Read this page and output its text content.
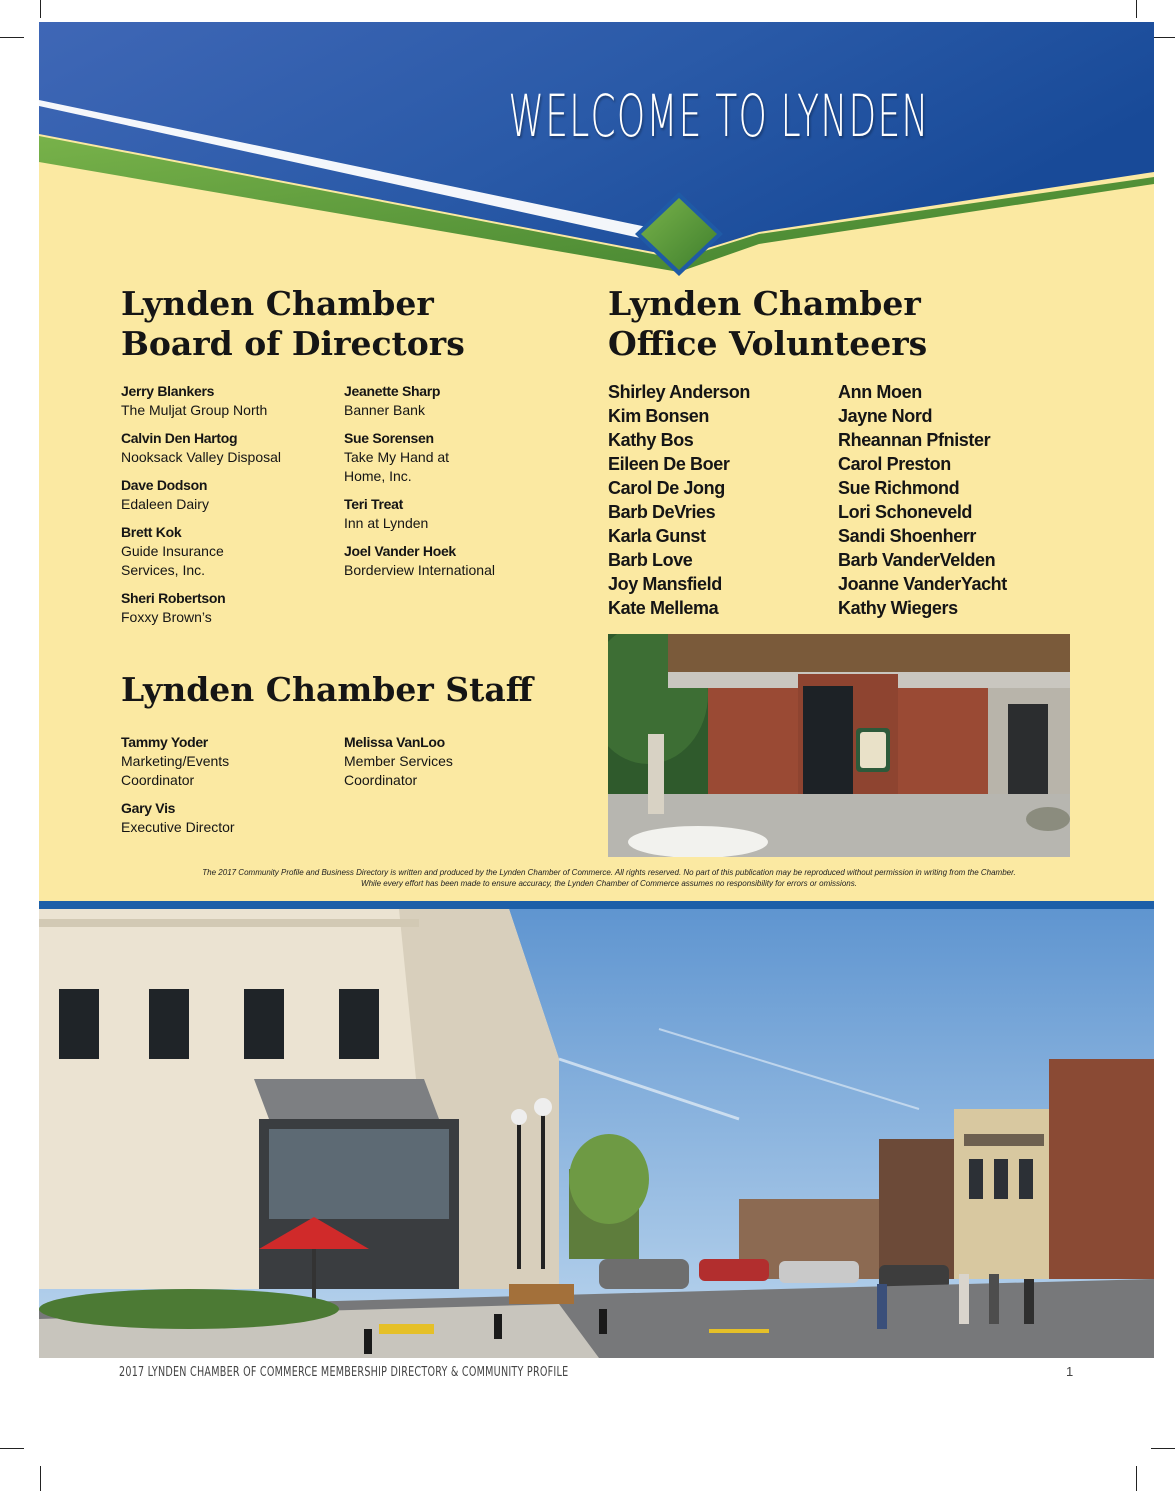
WELCOME TO LYNDEN
Lynden Chamber
Board of Directors
Jerry Blankers
The Muljat Group North
Calvin Den Hartog
Nooksack Valley Disposal
Dave Dodson
Edaleen Dairy
Brett Kok
Guide Insurance Services, Inc.
Sheri Robertson
Foxxy Brown’s
Jeanette Sharp
Banner Bank
Sue Sorensen
Take My Hand at Home, Inc.
Teri Treat
Inn at Lynden
Joel Vander Hoek
Borderview International
Lynden Chamber Staff
Tammy Yoder
Marketing/Events Coordinator
Gary Vis
Executive Director
Melissa VanLoo
Member Services Coordinator
Lynden Chamber
Office Volunteers
Shirley Anderson
Kim Bonsen
Kathy Bos
Eileen De Boer
Carol De Jong
Barb DeVries
Karla Gunst
Barb Love
Joy Mansfield
Kate Mellema
Ann Moen
Jayne Nord
Rheannan Pfnister
Carol Preston
Sue Richmond
Lori Schoneveld
Sandi Shoenherr
Barb VanderVelden
Joanne VanderYacht
Kathy Wiegers
The 2017 Community Profile and Business Directory is written and produced by the Lynden Chamber of Commerce. All rights reserved. No part of this publication may be reproduced without permission in writing from the Chamber.
While every effort has been made to ensure accuracy, the Lynden Chamber of Commerce assumes no responsibility for errors or omissions.
2017 LYNDEN CHAMBER OF COMMERCE MEMBERSHIP DIRECTORY & COMMUNITY PROFILE	1
